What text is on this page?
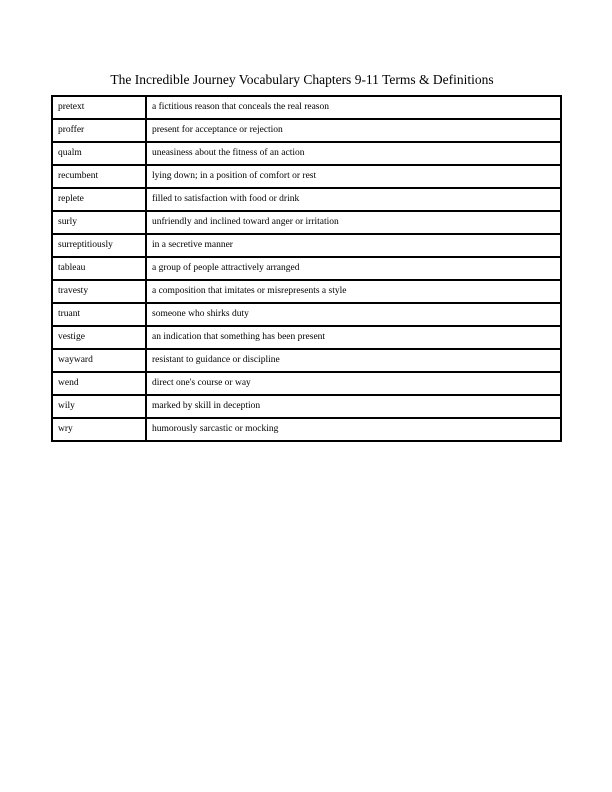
The Incredible Journey Vocabulary Chapters 9-11 Terms & Definitions
pretext	a fictitious reason that conceals the real reason
proffer	present for acceptance or rejection
qualm	uneasiness about the fitness of an action
recumbent	lying down; in a position of comfort or rest
replete	filled to satisfaction with food or drink
surly	unfriendly and inclined toward anger or irritation
surreptitiously	in a secretive manner
tableau	a group of people attractively arranged
travesty	a composition that imitates or misrepresents a style
truant	someone who shirks duty
vestige	an indication that something has been present
wayward	resistant to guidance or discipline
wend	direct one's course or way
wily	marked by skill in deception
wry	humorously sarcastic or mocking
